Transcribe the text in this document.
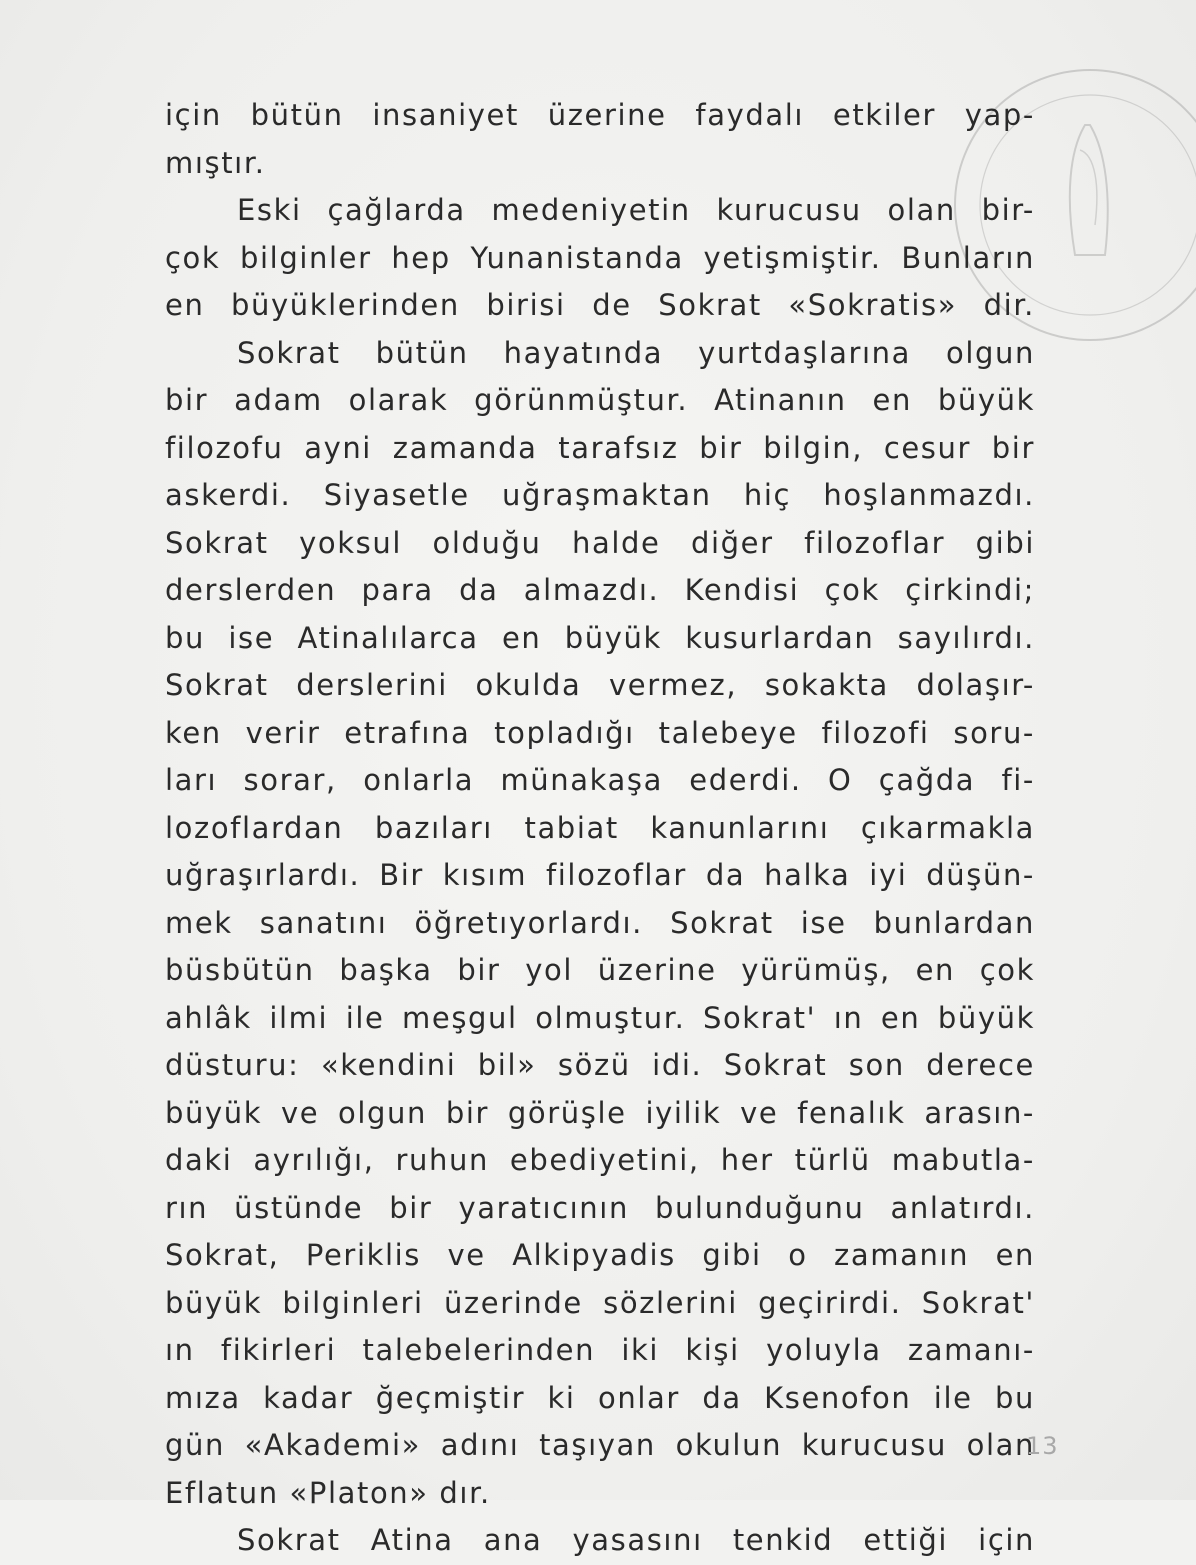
için bütün insaniyet üzerine faydalı etkiler yap-
mıştır.
Eski çağlarda medeniyetin kurucusu olan bir-
çok bilginler hep Yunanistanda yetişmiştir. Bunların
en büyüklerinden birisi de Sokrat «Sokratis» dir.
Sokrat bütün hayatında yurtdaşlarına olgun
bir adam olarak görünmüştur. Atinanın en büyük
filozofu ayni zamanda tarafsız bir bilgin, cesur bir
askerdi. Siyasetle uğraşmaktan hiç hoşlanmazdı.
Sokrat yoksul olduğu halde diğer filozoflar gibi
derslerden para da almazdı. Kendisi çok çirkindi;
bu ise Atinalılarca en büyük kusurlardan sayılırdı.
Sokrat derslerini okulda vermez, sokakta dolaşır-
ken verir etrafına topladığı talebeye filozofi soru-
ları sorar, onlarla münakaşa ederdi. O çağda fi-
lozoflardan bazıları tabiat kanunlarını çıkarmakla
uğraşırlardı. Bir kısım filozoflar da halka iyi düşün-
mek sanatını öğretıyorlardı. Sokrat ise bunlardan
büsbütün başka bir yol üzerine yürümüş, en çok
ahlâk ilmi ile meşgul olmuştur. Sokrat' ın en büyük
düsturu: «kendini bil» sözü idi. Sokrat son derece
büyük ve olgun bir görüşle iyilik ve fenalık arasın-
daki ayrılığı, ruhun ebediyetini, her türlü mabutla-
rın üstünde bir yaratıcının bulunduğunu anlatırdı.
Sokrat, Periklis ve Alkipyadis gibi o zamanın en
büyük bilginleri üzerinde sözlerini geçirirdi. Sokrat'
ın fikirleri talebelerinden iki kişi yoluyla zamanı-
mıza kadar ğeçmiştir ki onlar da Ksenofon ile bu
gün «Akademi» adını taşıyan okulun kurucusu olan
Eflatun «Platon» dır.
Sokrat Atina ana yasasını tenkid ettiği için
13
